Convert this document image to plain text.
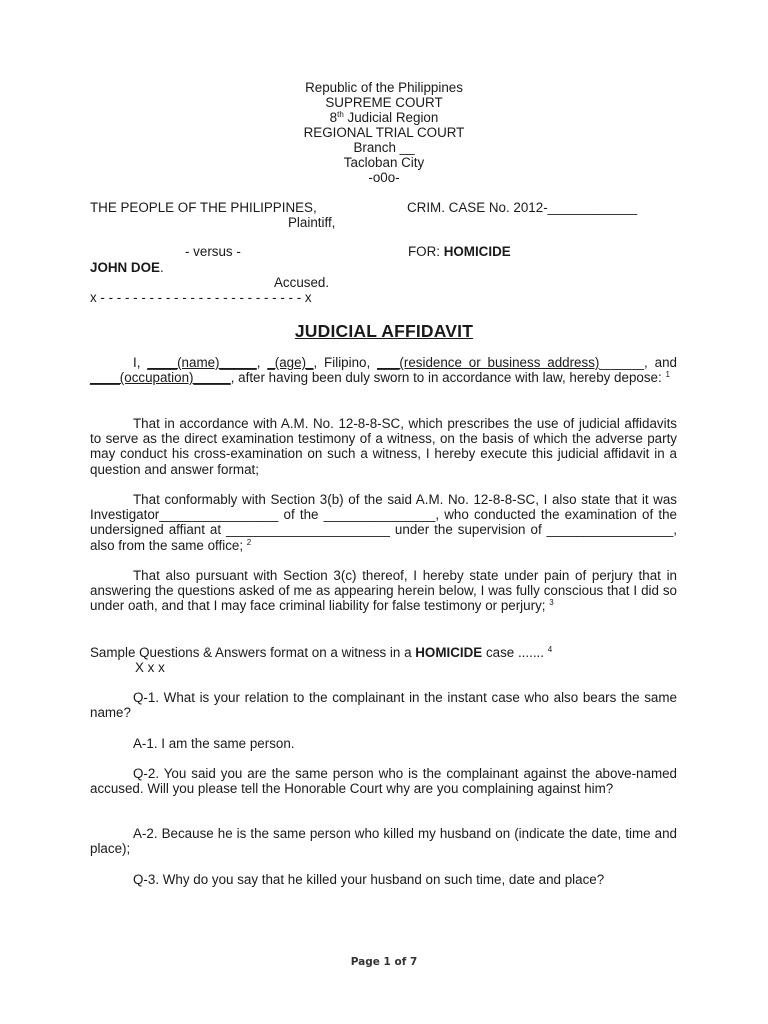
Republic of the Philippines
SUPREME COURT
8th Judicial Region
REGIONAL TRIAL COURT
Branch __
Tacloban City
-o0o-
THE PEOPLE OF THE PHILIPPINES,
Plaintiff,
CRIM. CASE No. 2012-____________
- versus -	FOR: HOMICIDE
JOHN DOE.
Accused.
x - - - - - - - - - - - - - - - - - - - - - - - - - x
JUDICIAL AFFIDAVIT
I, ____(name)_____, _(age)_, Filipino, ___(residence or business address)______, and ____(occupation)_____, after having been duly sworn to in accordance with law, hereby depose: $^1$
That in accordance with A.M. No. 12-8-8-SC, which prescribes the use of judicial affidavits to serve as the direct examination testimony of a witness, on the basis of which the adverse party may conduct his cross-examination on such a witness, I hereby execute this judicial affidavit in a question and answer format;
That conformably with Section 3(b) of the said A.M. No. 12-8-8-SC, I also state that it was Investigator________________ of the _______________, who conducted the examination of the undersigned affiant at ______________________ under the supervision of _________________, also from the same office; $^2$
That also pursuant with Section 3(c) thereof, I hereby state under pain of perjury that in answering the questions asked of me as appearing herein below, I was fully conscious that I did so under oath, and that I may face criminal liability for false testimony or perjury; $^3$
Sample Questions & Answers format on a witness in a HOMICIDE case ....... $^4$
X x x
Q-1. What is your relation to the complainant in the instant case who also bears the same name?
A-1. I am the same person.
Q-2. You said you are the same person who is the complainant against the above-named accused. Will you please tell the Honorable Court why are you complaining against him?
A-2. Because he is the same person who killed my husband on (indicate the date, time and place);
Q-3. Why do you say that he killed your husband on such time, date and place?
Page 1 of 7
